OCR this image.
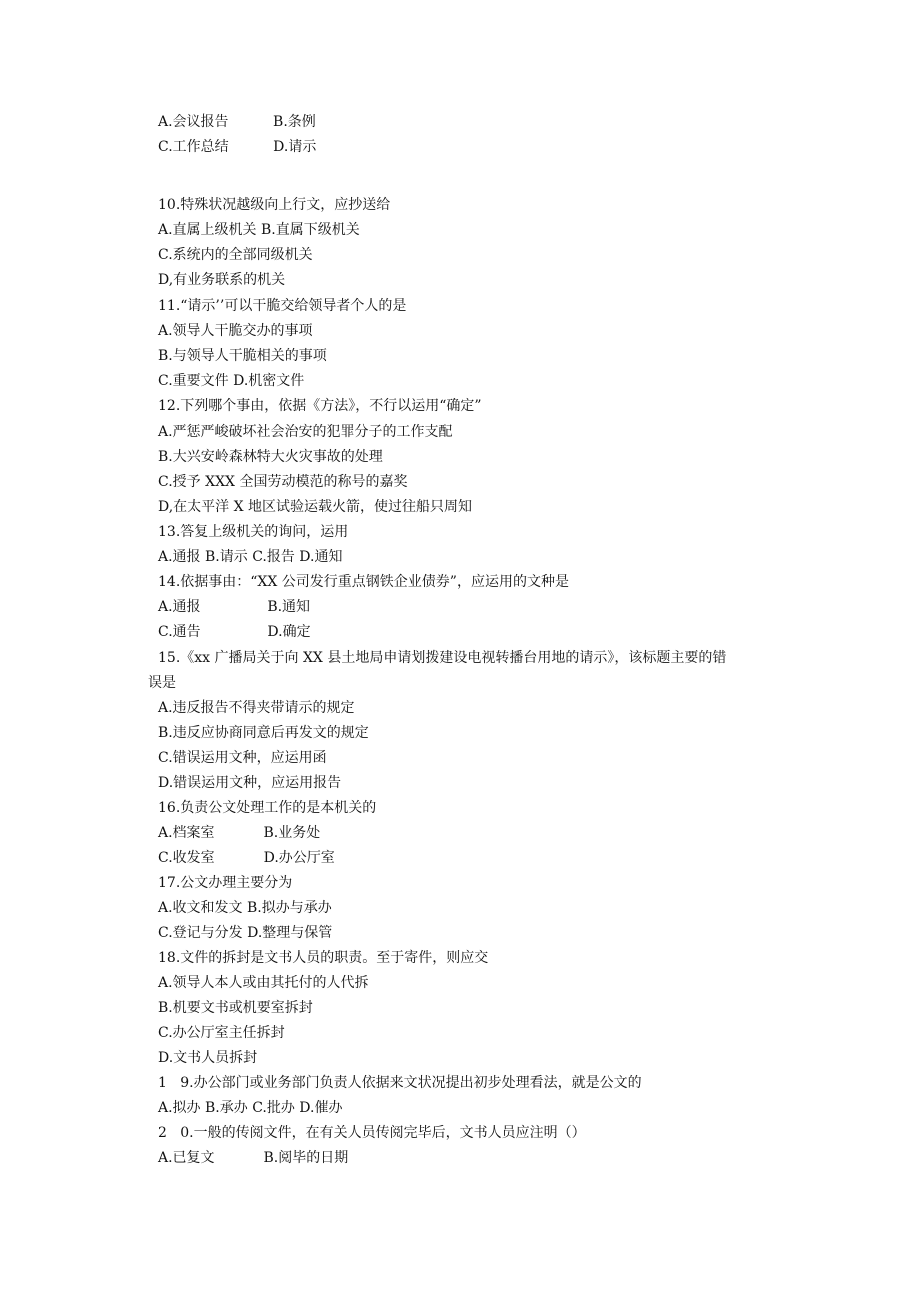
A.会议报告          B.条例
C.工作总结          D.请示
10.特殊状况越级向上行文，应抄送给
A.直属上级机关 B.直属下级机关
C.系统内的全部同级机关
D,有业务联系的机关
11.“请示’’可以干脆交给领导者个人的是
A.领导人干脆交办的事项
B.与领导人干脆相关的事项
C.重要文件 D.机密文件
12.下列哪个事由，依据《方法》，不行以运用“确定”
A.严惩严峻破坏社会治安的犯罪分子的工作支配
B.大兴安岭森林特大火灾事故的处理
C.授予 XXX 全国劳动模范的称号的嘉奖
D,在太平洋 X 地区试验运载火箭，使过往船只周知
13.答复上级机关的询问，运用
A.通报 B.请示 C.报告 D.通知
14.依据事由：“XX 公司发行重点钢铁企业债券”，应运用的文种是
A.通报               B.通知
C.通告               D.确定
15.《xx 广播局关于向 XX 县土地局申请划拨建设电视转播台用地的请示》，该标题主要的错
误是
A.违反报告不得夹带请示的规定
B.违反应协商同意后再发文的规定
C.错误运用文种，应运用函
D.错误运用文种，应运用报告
16.负责公文处理工作的是本机关的
A.档案室           B.业务处
C.收发室           D.办公厅室
17.公文办理主要分为
A.收文和发文 B.拟办与承办
C.登记与分发 D.整理与保管
18.文件的拆封是文书人员的职责。至于寄件，则应交
A.领导人本人或由其托付的人代拆
B.机要文书或机要室拆封
C.办公厅室主任拆封
D.文书人员拆封
1   9.办公部门或业务部门负责人依据来文状况提出初步处理看法，就是公文的
A.拟办 B.承办 C.批办 D.催办
2   0.一般的传阅文件，在有关人员传阅完毕后，文书人员应注明（）
A.已复文           B.阅毕的日期
